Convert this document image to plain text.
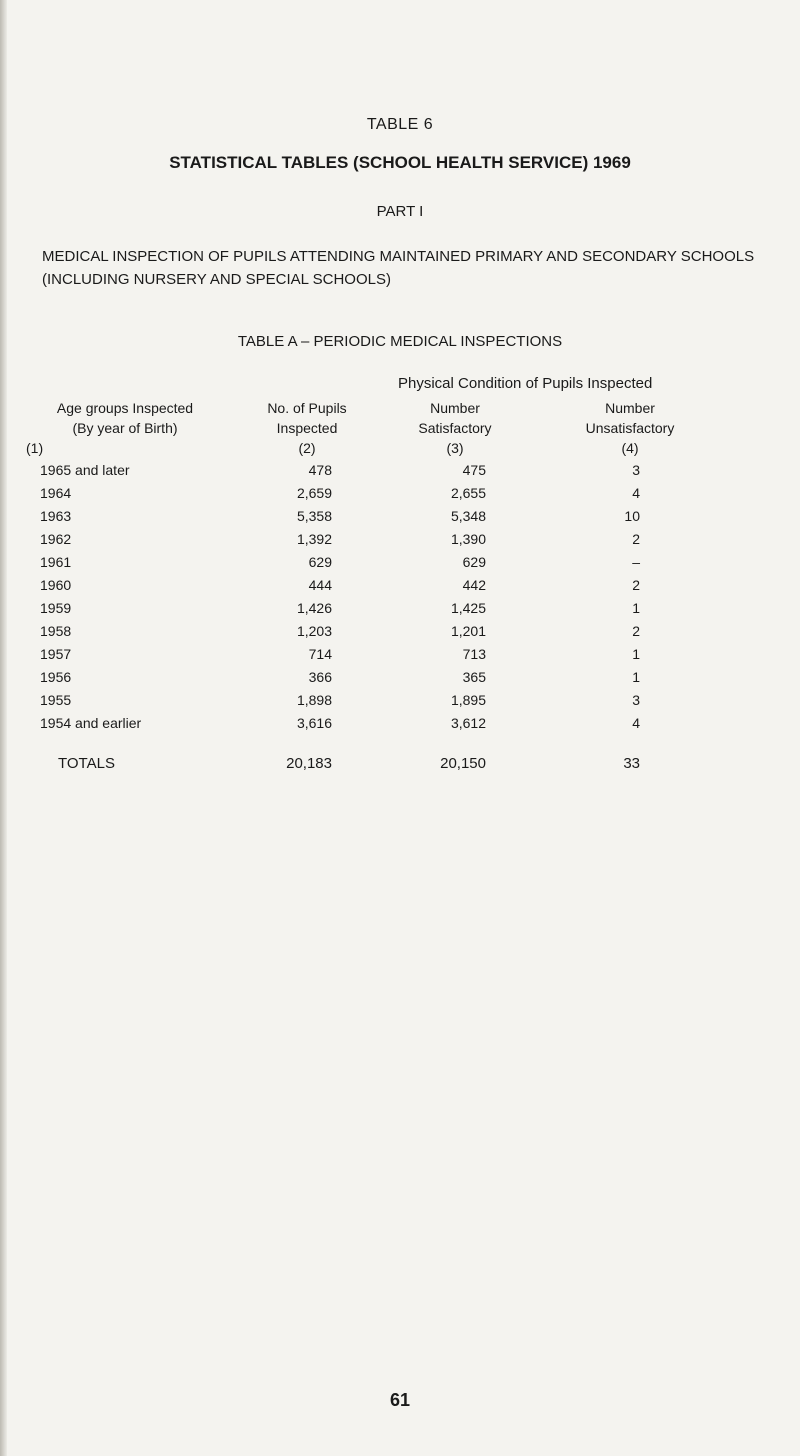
TABLE 6
STATISTICAL TABLES (SCHOOL HEALTH SERVICE) 1969
PART I
MEDICAL INSPECTION OF PUPILS ATTENDING MAINTAINED PRIMARY AND SECONDARY SCHOOLS (INCLUDING NURSERY AND SPECIAL SCHOOLS)
TABLE A – PERIODIC MEDICAL INSPECTIONS
Physical Condition of Pupils Inspected
Age groups Inspected
(By year of Birth)
(1)
No. of Pupils
Inspected
(2)
Number
Satisfactory
(3)
Number
Unsatisfactory
(4)
1965 and later	478	475	3
1964	2,659	2,655	4
1963	5,358	5,348	10
1962	1,392	1,390	2
1961	629	629	–
1960	444	442	2
1959	1,426	1,425	1
1958	1,203	1,201	2
1957	714	713	1
1956	366	365	1
1955	1,898	1,895	3
1954 and earlier	3,616	3,612	4
TOTALS	20,183	20,150	33
61
